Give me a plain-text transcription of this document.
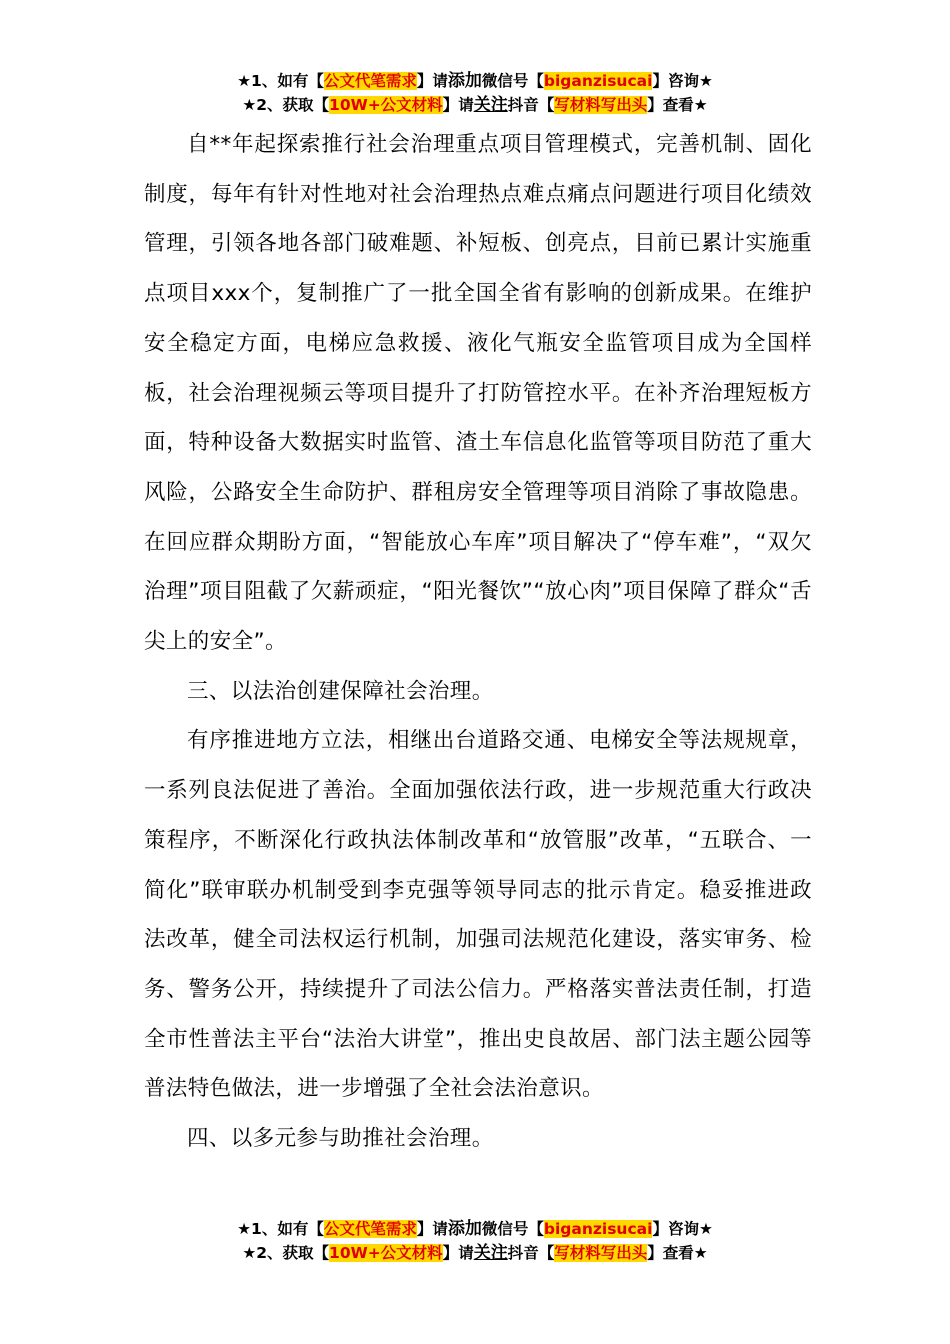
★1、如有【公文代笔需求】请添加微信号【biganzisucai】咨询★
★2、获取【10W+公文材料】请关注抖音【写材料写出头】查看★

自**年起探索推行社会治理重点项目管理模式，完善机制、固化制度，每年有针对性地对社会治理热点难点痛点问题进行项目化绩效管理，引领各地各部门破难题、补短板、创亮点，目前已累计实施重点项目xxx个，复制推广了一批全国全省有影响的创新成果。在维护安全稳定方面，电梯应急救援、液化气瓶安全监管项目成为全国样板，社会治理视频云等项目提升了打防管控水平。在补齐治理短板方面，特种设备大数据实时监管、渣土车信息化监管等项目防范了重大风险，公路安全生命防护、群租房安全管理等项目消除了事故隐患。在回应群众期盼方面，“智能放心车库”项目解决了“停车难”，“双欠治理”项目阻截了欠薪顽症，“阳光餐饮”“放心肉”项目保障了群众“舌尖上的安全”。

三、以法治创建保障社会治理。

有序推进地方立法，相继出台道路交通、电梯安全等法规规章，一系列良法促进了善治。全面加强依法行政，进一步规范重大行政决策程序，不断深化行政执法体制改革和“放管服”改革，“五联合、一简化”联审联办机制受到李克强等领导同志的批示肯定。稳妥推进政法改革，健全司法权运行机制，加强司法规范化建设，落实审务、检务、警务公开，持续提升了司法公信力。严格落实普法责任制，打造全市性普法主平台“法治大讲堂”，推出史良故居、部门法主题公园等普法特色做法，进一步增强了全社会法治意识。

四、以多元参与助推社会治理。

★1、如有【公文代笔需求】请添加微信号【biganzisucai】咨询★
★2、获取【10W+公文材料】请关注抖音【写材料写出头】查看★
